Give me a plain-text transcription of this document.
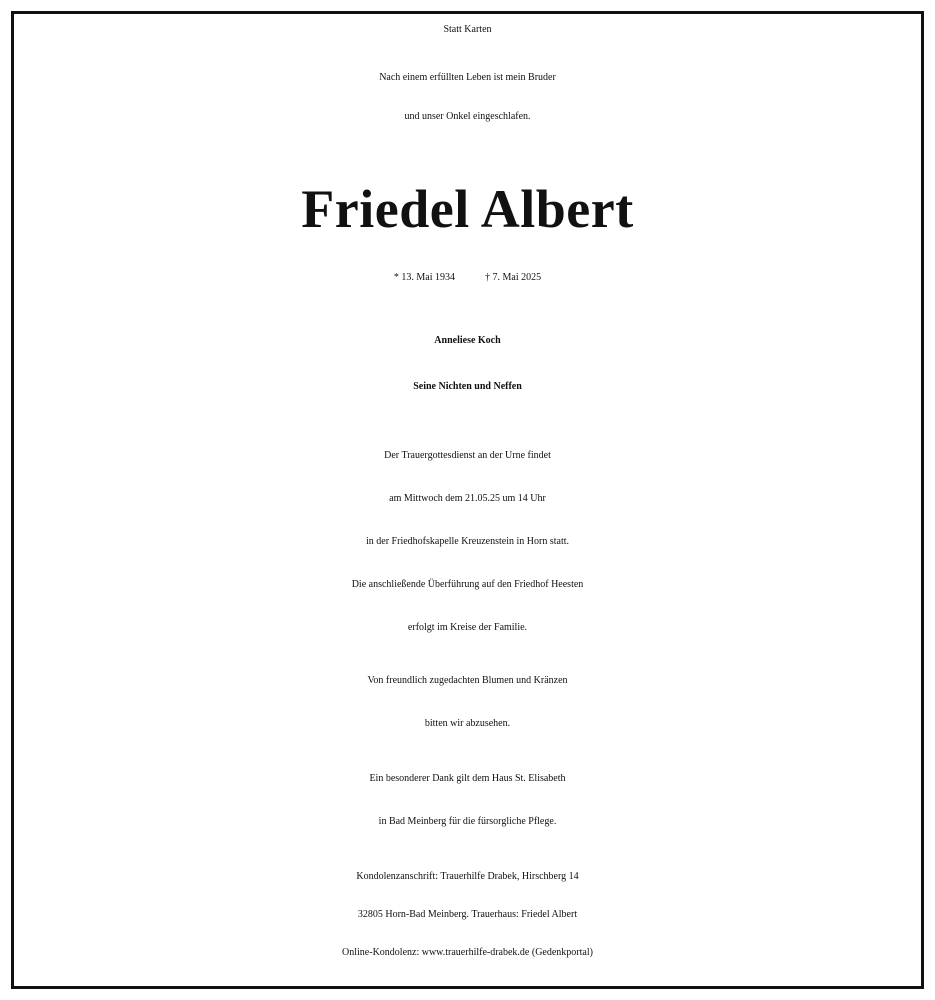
Statt Karten
Nach einem erfüllten Leben ist mein Bruder
und unser Onkel eingeschlafen.
Friedel Albert
* 13. Mai 1934	† 7. Mai 2025
Anneliese Koch
Seine Nichten und Neffen
Der Trauergottesdienst an der Urne findet
am Mittwoch dem 21.05.25 um 14 Uhr
in der Friedhofskapelle Kreuzenstein in Horn statt.
Die anschließende Überführung auf den Friedhof Heesten
erfolgt im Kreise der Familie.
Von freundlich zugedachten Blumen und Kränzen
bitten wir abzusehen.
Ein besonderer Dank gilt dem Haus St. Elisabeth
in Bad Meinberg für die fürsorgliche Pflege.
Kondolenzanschrift: Trauerhilfe Drabek, Hirschberg 14
32805 Horn-Bad Meinberg. Trauerhaus: Friedel Albert
Online-Kondolenz: www.trauerhilfe-drabek.de (Gedenkportal)
